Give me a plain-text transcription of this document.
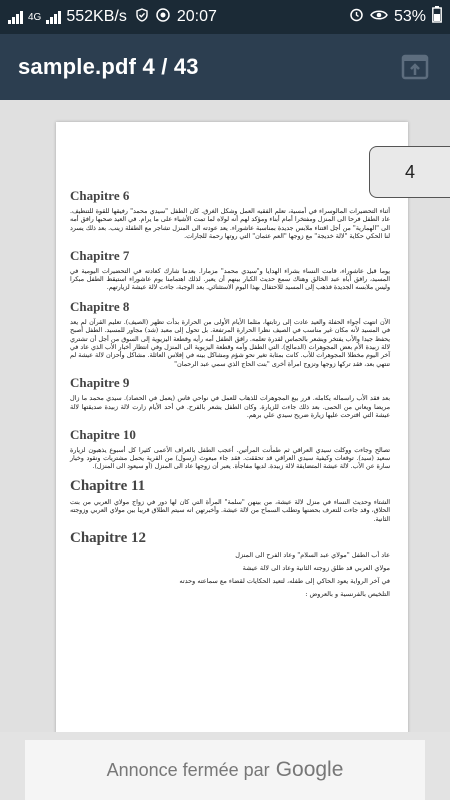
4G 552KB/s	20:07	53%
sample.pdf 4 / 43
Chapitre 6
أثناء التحضيرات المالوسراء في أمسية، تعلم الفقيه العمل وشكل الغرق. كان الطفل "سيدي محمد" رفيقها للقوة للتنظيف. عاد الطفل فرحا الى المنزل ومفتخرا أمام أبناء ومؤكد لهم أنه لولاه لما تمت الأشياء على ما يرام. في العيد صحبها رافق أمه الى "الهمارية" من أجل اقتناء ملابس جديدة بمناسبة عاشوراء. يعد عودته الى المنزل تشاجر مع الطفلة زينب. بعد ذلك يسرد لنا الحكي حكاية "لالة خديجة" مع زوجها "العم عثمان" التي روتها رحمة للجارات.
Chapitre 7
يوما قبل عاشوراء، قامت النساء بشراء الهدايا و"سيدي محمد" مزمارا. بعدما شارك كعادته في التحضيرات اليومية في المسيد، رافق أباه عبد الخالق وهناك سمع حديث الكبار بينهم أن يعبر. لذلك اهتمامنا يوم عاشوراء استيقظ الطفل مبكرا وليس ملابسه الجديدة فذهب إلى المسيد للاحتفال بهذا اليوم الاستثنائي. بعد الوجبة، جاءت لالة عيشة لزيارتهم.
Chapitre 8
الآن انتهت أجواء الحفلة والعيد عادت إلى رتابتها، مثلما الأيام الأولى من الحرارة بدأت تظهر (الصيف). تعليم القرآن لم يعد في المسيد لأنه مكان غير مناسب في الصيف نظرا الحرارة المرتفعة. بل تحول إلى معبد (شد) مجاور للمسيد. الطفل أصبح يحفظ جيدا والأب يفتخر ويشعر بالحماس لقدرة تعلمه. راقق الطفل أمه رأيه وقطعة اليزيوية إلى السوق من أجل أن تشتري لالة زبيدة الأم بعض المجوهرات (الدمالج). التي الطفل وأمه وقطعة اليزيوية الى المنزل وفي انتظار أخبار الأب الذي عاد في آخر اليوم مخطلا المجوهرات للأب. كانت بمثابة تغير نحو شؤم ومشاكل بينه في إفلاس العائلة. مشاكل وأحزان لالة عيشة لم تنتهي بعد، فقد تركها زوجها وتزوج امرأة أخرى "بنت الحاج الذي سمي عبد الرحمان"
Chapitre 9
بعد فقد الأب راسماله يكامله. قرر بيع المجوهرات للذهاب للعمل في نواحي فاس (يعمل في الحصاد). سيدي محمد ما زال مريضا ويعاني من الحمى. بعد ذلك جاءت للزيارة. وكان الطفل يشعر بالفرح. في أحد الأيام زارت لالة زبيدة صديقتها لالة عيشة التي اقترحت عليها زيارة ضريح سيدي علي برهم.
Chapitre 10
تصالح وجاءت ووكلت سيدي العراقي ثم طمأنت المرأتين. أعجب الطفل بالعراف الأعمى كثيرا كل أسبوع يذهبون لزيارة سعيد (سيد). توقعات وكيفية سيدي العراقي قد تحققت. فقد جاء ميعوث (رسول) من القرية يحمل مشتريات ونقود وخيار سارة عن الأب. لالة عيشة المتضايقة لالة زبيدة. لديها مفاجأة. يعبر أن زوجها عاد الى المنزل (أو سيعود الى المنزل).
Chapitre 11
الشتاء وحديث النساء في منزل لالة عيشة، من بينهن "سلمة" المرأة التي كان لها دور في زواج مولاي العربي من بنت الحلاق، وقد جاءت للتعرف بحضنها وتطلب السماح من لالة عيشة. وأخبرتهن انه سيتم الطلاق قريبا بين مولاي العربي وزوجته الثانية.
Chapitre 12
عاد أب الطفل "مولاي عبد السلام" وعاد الفرح الى المنزل
مولاي العربي قد طلق زوجته الثانية وعاد الى لالة عيشة
في آخر الرواية يعود الحاكي إلى طفله، لتعيد الحكايات لقضاء مع سماعته وحدته
التلخيص بالفرنسية و بالعروض :
4
Annonce fermée par Google
